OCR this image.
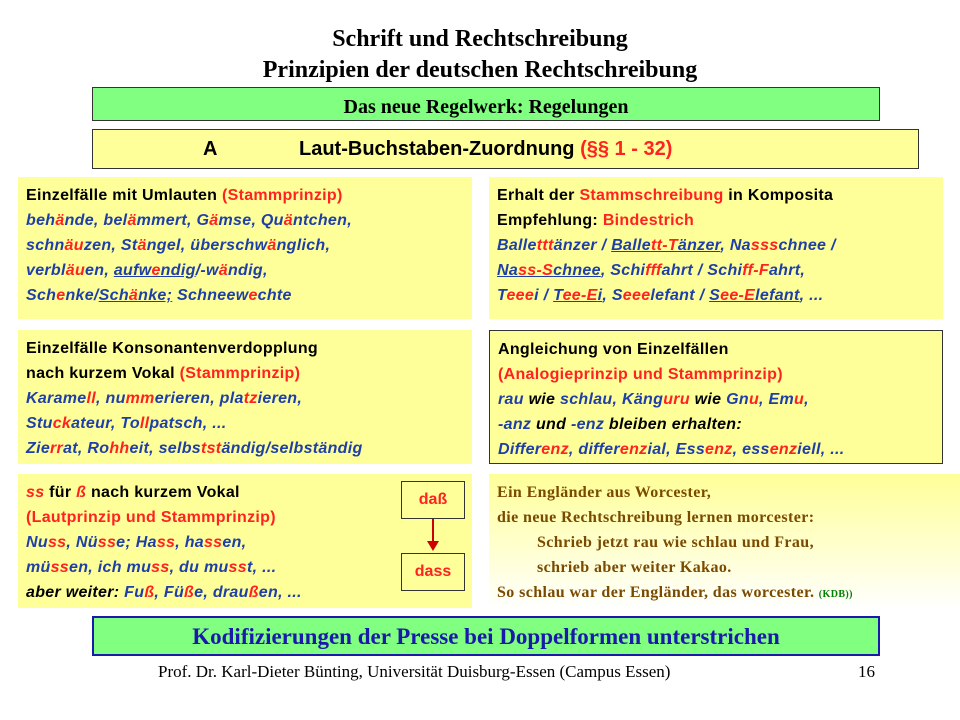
Schrift und Rechtschreibung
Prinzipien der deutschen Rechtschreibung
Das neue Regelwerk: Regelungen
A	Laut-Buchstaben-Zuordnung (§§ 1 - 32)
Einzelfälle mit Umlauten (Stammprinzip)
behände, belämmert, Gämse, Quäntchen,
schnäuzen, Stängel, überschwänglich,
verbläuen, aufwendig/-wändig,
Schenke/Schänke; Schneewechte
Erhalt der Stammschreibung in Komposita
Empfehlung: Bindestrich
Balletttänzer / Ballett-Tänzer, Nassschnee /
Nass-Schnee, Schifffahrt / Schiff-Fahrt,
Teeei / Tee-Ei, Seeelefant / See-Elefant, ...
Einzelfälle Konsonantenverdopplung
nach kurzem Vokal (Stammprinzip)
Karamell, nummerieren, platzieren,
Stuckateur, Tollpatsch, ...
Zierrat, Rohheit, selbstständig/selbständig
Angleichung von Einzelfällen
(Analogieprinzip und Stammprinzip)
rau wie schlau, Känguru wie Gnu, Emu,
-anz und -enz bleiben erhalten:
Differenz, differenzial, Essenz, essenziell, ...
ss für ß nach kurzem Vokal
(Lautprinzip und Stammprinzip)
Nuss, Nüsse; Hass, hassen,
müssen, ich muss, du musst, ...
aber weiter: Fuß, Füße, draußen, ...
daß
dass
Ein Engländer aus Worcester,
die neue Rechtschreibung lernen morcester:
Schrieb jetzt rau wie schlau und Frau,
schrieb aber weiter Kakao.
So schlau war der Engländer, das worcester. (KDB))
Kodifizierungen der Presse bei Doppelformen unterstrichen
Prof. Dr. Karl-Dieter Bünting, Universität Duisburg-Essen (Campus Essen)	16
